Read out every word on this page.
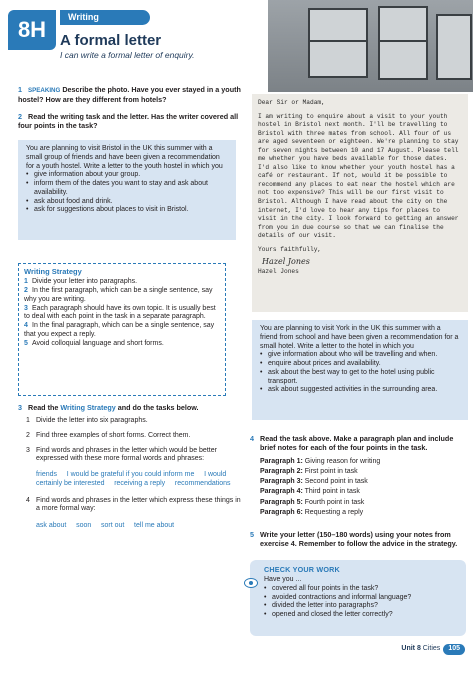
8H
Writing
A formal letter
I can write a formal letter of enquiry.
1 SPEAKING Describe the photo. Have you ever stayed in a youth hostel? How are they different from hotels?
2 Read the writing task and the letter. Has the writer covered all four points in the task?
You are planning to visit Bristol in the UK this summer with a small group of friends and have been given a recommendation for a youth hostel. Write a letter to the youth hostel in which you
• give information about your group.
• inform them of the dates you want to stay and ask about availability.
• ask about food and drink.
• ask for suggestions about places to visit in Bristol.
Dear Sir or Madam,
I am writing to enquire about a visit to your youth hostel in Bristol next month. I'll be travelling to Bristol with three mates from school. All four of us are aged seventeen or eighteen. We're planning to stay for seven nights between 10 and 17 August. Please tell me whether you have beds available for those dates. I'd also like to know whether your youth hostel has a café or restaurant. If not, would it be possible to recommend any places to eat near the hostel which are not too expensive? This will be our first visit to Bristol. Although I have read about the city on the internet, I'd love to hear any tips for places to visit in the city. I look forward to getting an answer from you in due course so that we can finalise the details of our visit.
Yours faithfully,
Hazel Jones
Hazel Jones
Writing Strategy
1 Divide your letter into paragraphs.
2 In the first paragraph, which can be a single sentence, say why you are writing.
3 Each paragraph should have its own topic. It is usually best to deal with each point in the task in a separate paragraph.
4 In the final paragraph, which can be a single sentence, say that you expect a reply.
5 Avoid colloquial language and short forms.
You are planning to visit York in the UK this summer with a friend from school and have been given a recommendation for a small hotel. Write a letter to the hotel in which you
• give information about who will be travelling and when.
• enquire about prices and availability.
• ask about the best way to get to the hotel using public transport.
• ask about suggested activities in the surrounding area.
3 Read the Writing Strategy and do the tasks below.
1 Divide the letter into six paragraphs.
2 Find three examples of short forms. Correct them.
3 Find words and phrases in the letter which would be better expressed with these more formal words and phrases:
friends     I would be grateful if you could inform me     I would certainly be interested     receiving a reply     recommendations
4 Find words and phrases in the letter which express these things in a more formal way:
ask about     soon     sort out     tell me about
4 Read the task above. Make a paragraph plan and include brief notes for each of the four points in the task.
Paragraph 1: Giving reason for writing
Paragraph 2: First point in task
Paragraph 3: Second point in task
Paragraph 4: Third point in task
Paragraph 5: Fourth point in task
Paragraph 6: Requesting a reply
5 Write your letter (150–180 words) using your notes from exercise 4. Remember to follow the advice in the strategy.
CHECK YOUR WORK
Have you ...
• covered all four points in the task?
• avoided contractions and informal language?
• divided the letter into paragraphs?
• opened and closed the letter correctly?
Unit 8 Cities 105
